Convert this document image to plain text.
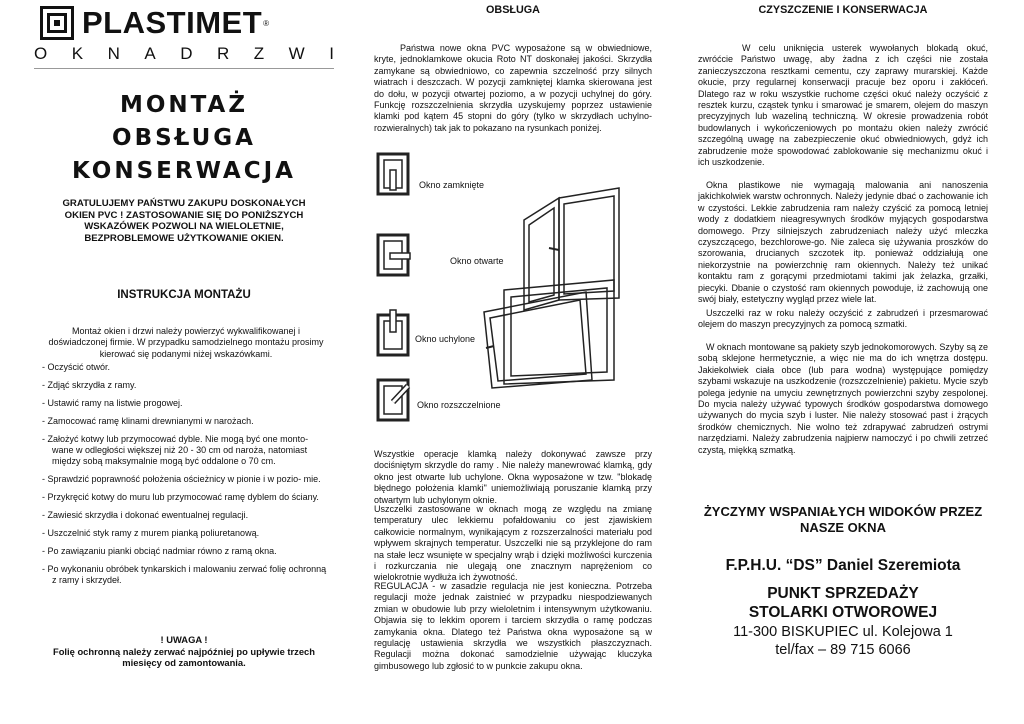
PLASTIMET ®
O K N A D R Z W I
MONTAŻ
OBSŁUGA
KONSERWACJA
GRATULUJEMY PAŃSTWU ZAKUPU DOSKONAŁYCH OKIEN PVC ! ZASTOSOWANIE SIĘ DO PONIŻSZYCH WSKAZÓWEK POZWOLI NA WIELOLETNIE, BEZPROBLEMOWE UŻYTKOWANIE OKIEN.
INSTRUKCJA MONTAŻU
Montaż okien i drzwi należy powierzyć wykwalifikowanej i doświadczonej firmie. W przypadku samodzielnego montażu prosimy kierować się podanymi niżej wskazówkami.
- Oczyścić otwór.
- Zdjąć skrzydła z ramy.
- Ustawić ramy na listwie progowej.
- Zamocować ramę klinami drewnianymi w narożach.
- Założyć kotwy lub przymocować dyble. Nie mogą być one monto- wane w odległości większej niż 20 - 30 cm od naroża, natomiast między sobą maksymalnie mogą być oddalone o 70 cm.
- Sprawdzić poprawność położenia ościeżnicy w pionie i w pozio- mie.
- Przykręcić kotwy do muru lub przymocować ramę dyblem do ściany.
- Zawiesić skrzydła i dokonać ewentualnej regulacji.
- Uszczelnić styk ramy z murem pianką poliuretanową.
- Po zawiązaniu pianki obciąć nadmiar równo z ramą okna.
- Po wykonaniu obróbek tynkarskich i malowaniu zerwać folię ochronną z ramy i skrzydeł.
! UWAGA !
Folię ochronną należy zerwać najpóźniej po upływie trzech miesięcy od zamontowania.
OBSŁUGA
Państwa nowe okna PVC wyposażone są w obwiedniowe, kryte, jednoklamkowe okucia Roto NT doskonałej jakości. Skrzydła zamykane są obwiedniowo, co zapewnia szczelność przy silnych wiatrach i deszczach. W pozycji zamkniętej klamka skierowana jest do dołu, w pozycji otwartej poziomo, a w pozycji uchylnej do góry. Funkcję rozszczelnienia skrzydła uzyskujemy poprzez ustawienie klamki pod kątem 45 stopni do góry (tylko w skrzydłach uchylno-rozwieralnych) tak jak to pokazano na rysunkach poniżej.
Okno zamknięte
Okno otwarte
Okno uchylone
Okno rozszczelnione
Wszystkie operacje klamką należy dokonywać zawsze przy dociśniętym skrzydle do ramy . Nie należy manewrować klamką, gdy okno jest otwarte lub uchylone. Okna wyposażone w tzw. "blokadę błędnego położenia klamki" uniemożliwiają poruszanie klamką przy otwartym lub uchylonym oknie.
Uszczelki zastosowane w oknach mogą ze względu na zmianę temperatury ulec lekkiemu pofałdowaniu co jest zjawiskiem całkowicie normalnym, wynikającym z rozszerzalności materiału pod wpływem skrajnych temperatur. Uszczelki nie są przyklejone do ram na stałe lecz wsunięte w specjalny wrąb i dzięki możliwości kurczenia i rozkurczania nie ulegają one znacznym naprężeniom co wielokrotnie wydłuża ich żywotność.
REGULACJA - w zasadzie regulacja nie jest konieczna. Potrzeba regulacji może jednak zaistnieć w przypadku niespodziewanych zmian w obudowie lub przy wieloletnim i intensywnym użytkowaniu. Objawia się to lekkim oporem i tarciem skrzydła o ramę podczas zamykania okna. Dlatego też Państwa okna wyposażone są w regulację ustawienia skrzydła we wszystkich płaszczyznach. Regulacji można dokonać samodzielnie używając kluczyka gimbusowego lub zgłosić to w punkcie zakupu okna.
CZYSZCZENIE I KONSERWACJA
W celu uniknięcia usterek wywołanych blokadą okuć, zwróćcie Państwo uwagę, aby żadna z ich części nie została zanieczyszczona resztkami cementu, czy zaprawy murarskiej. Każde okucie, przy regularnej konserwacji pracuje bez oporu i zakłóceń. Dlatego raz w roku wszystkie ruchome części okuć należy oczyścić z resztek kurzu, cząstek tynku i smarować je smarem, olejem do maszyn precyzyjnych lub wazeliną techniczną. W okresie prowadzenia robót budowlanych i wykończeniowych po montażu okien należy zwrócić szczególną uwagę na zabezpieczenie okuć obwiedniowych, gdyż ich zabrudzenie może spowodować zablokowanie się mechanizmu okuć i ich uszkodzenie.
Okna plastikowe nie wymagają malowania ani nanoszenia jakichkolwiek warstw ochronnych. Należy jedynie dbać o zachowanie ich w czystości. Lekkie zabrudzenia ram należy czyścić za pomocą letniej wody z dodatkiem nieagresywnych środków myjących gospodarstwa domowego. Przy silniejszych zabrudzeniach należy użyć mleczka czyszczącego, bezchlorowe-go. Nie zaleca się używania proszków do szorowania, drucianych szczotek itp. ponieważ oddziałują one niekorzystnie na powierzchnię ram okiennych. Należy też unikać kontaktu ram z gorącymi przedmiotami takimi jak żelazka, grzałki, piecyki. Dbanie o czystość ram okiennych powoduje, iż zachowują one swój biały, estetyczny wygląd przez wiele lat.
Uszczelki raz w roku należy oczyścić z zabrudzeń i przesmarować olejem do maszyn precyzyjnych za pomocą szmatki.
W oknach montowane są pakiety szyb jednokomorowych. Szyby są ze sobą sklejone hermetycznie, a więc nie ma do ich wnętrza dostępu. Jakiekolwiek ciała obce (lub para wodna) występujące pomiędzy szybami wskazuje na uszkodzenie (rozszczelnienie) pakietu. Mycie szyb polega jedynie na umyciu zewnętrznych powierzchni szyby zespolonej. Do mycia należy używać typowych środków gospodarstwa domowego używanych do mycia szyb i luster. Nie należy stosować past i żrących środków chemicznych. Nie wolno też zdrapywać zabrudzeń ostrymi narzędziami. Należy zabrudzenia najpierw namoczyć i po chwili zetrzeć czystą, miękką szmatką.
ŻYCZYMY WSPANIAŁYCH WIDOKÓW PRZEZ NASZE OKNA
F.P.H.U. “DS” Daniel Szeremiota
PUNKT SPRZEDAŻY
STOLARKI OTWOROWEJ
11-300 BISKUPIEC ul. Kolejowa 1
tel/fax – 89 715 6066
